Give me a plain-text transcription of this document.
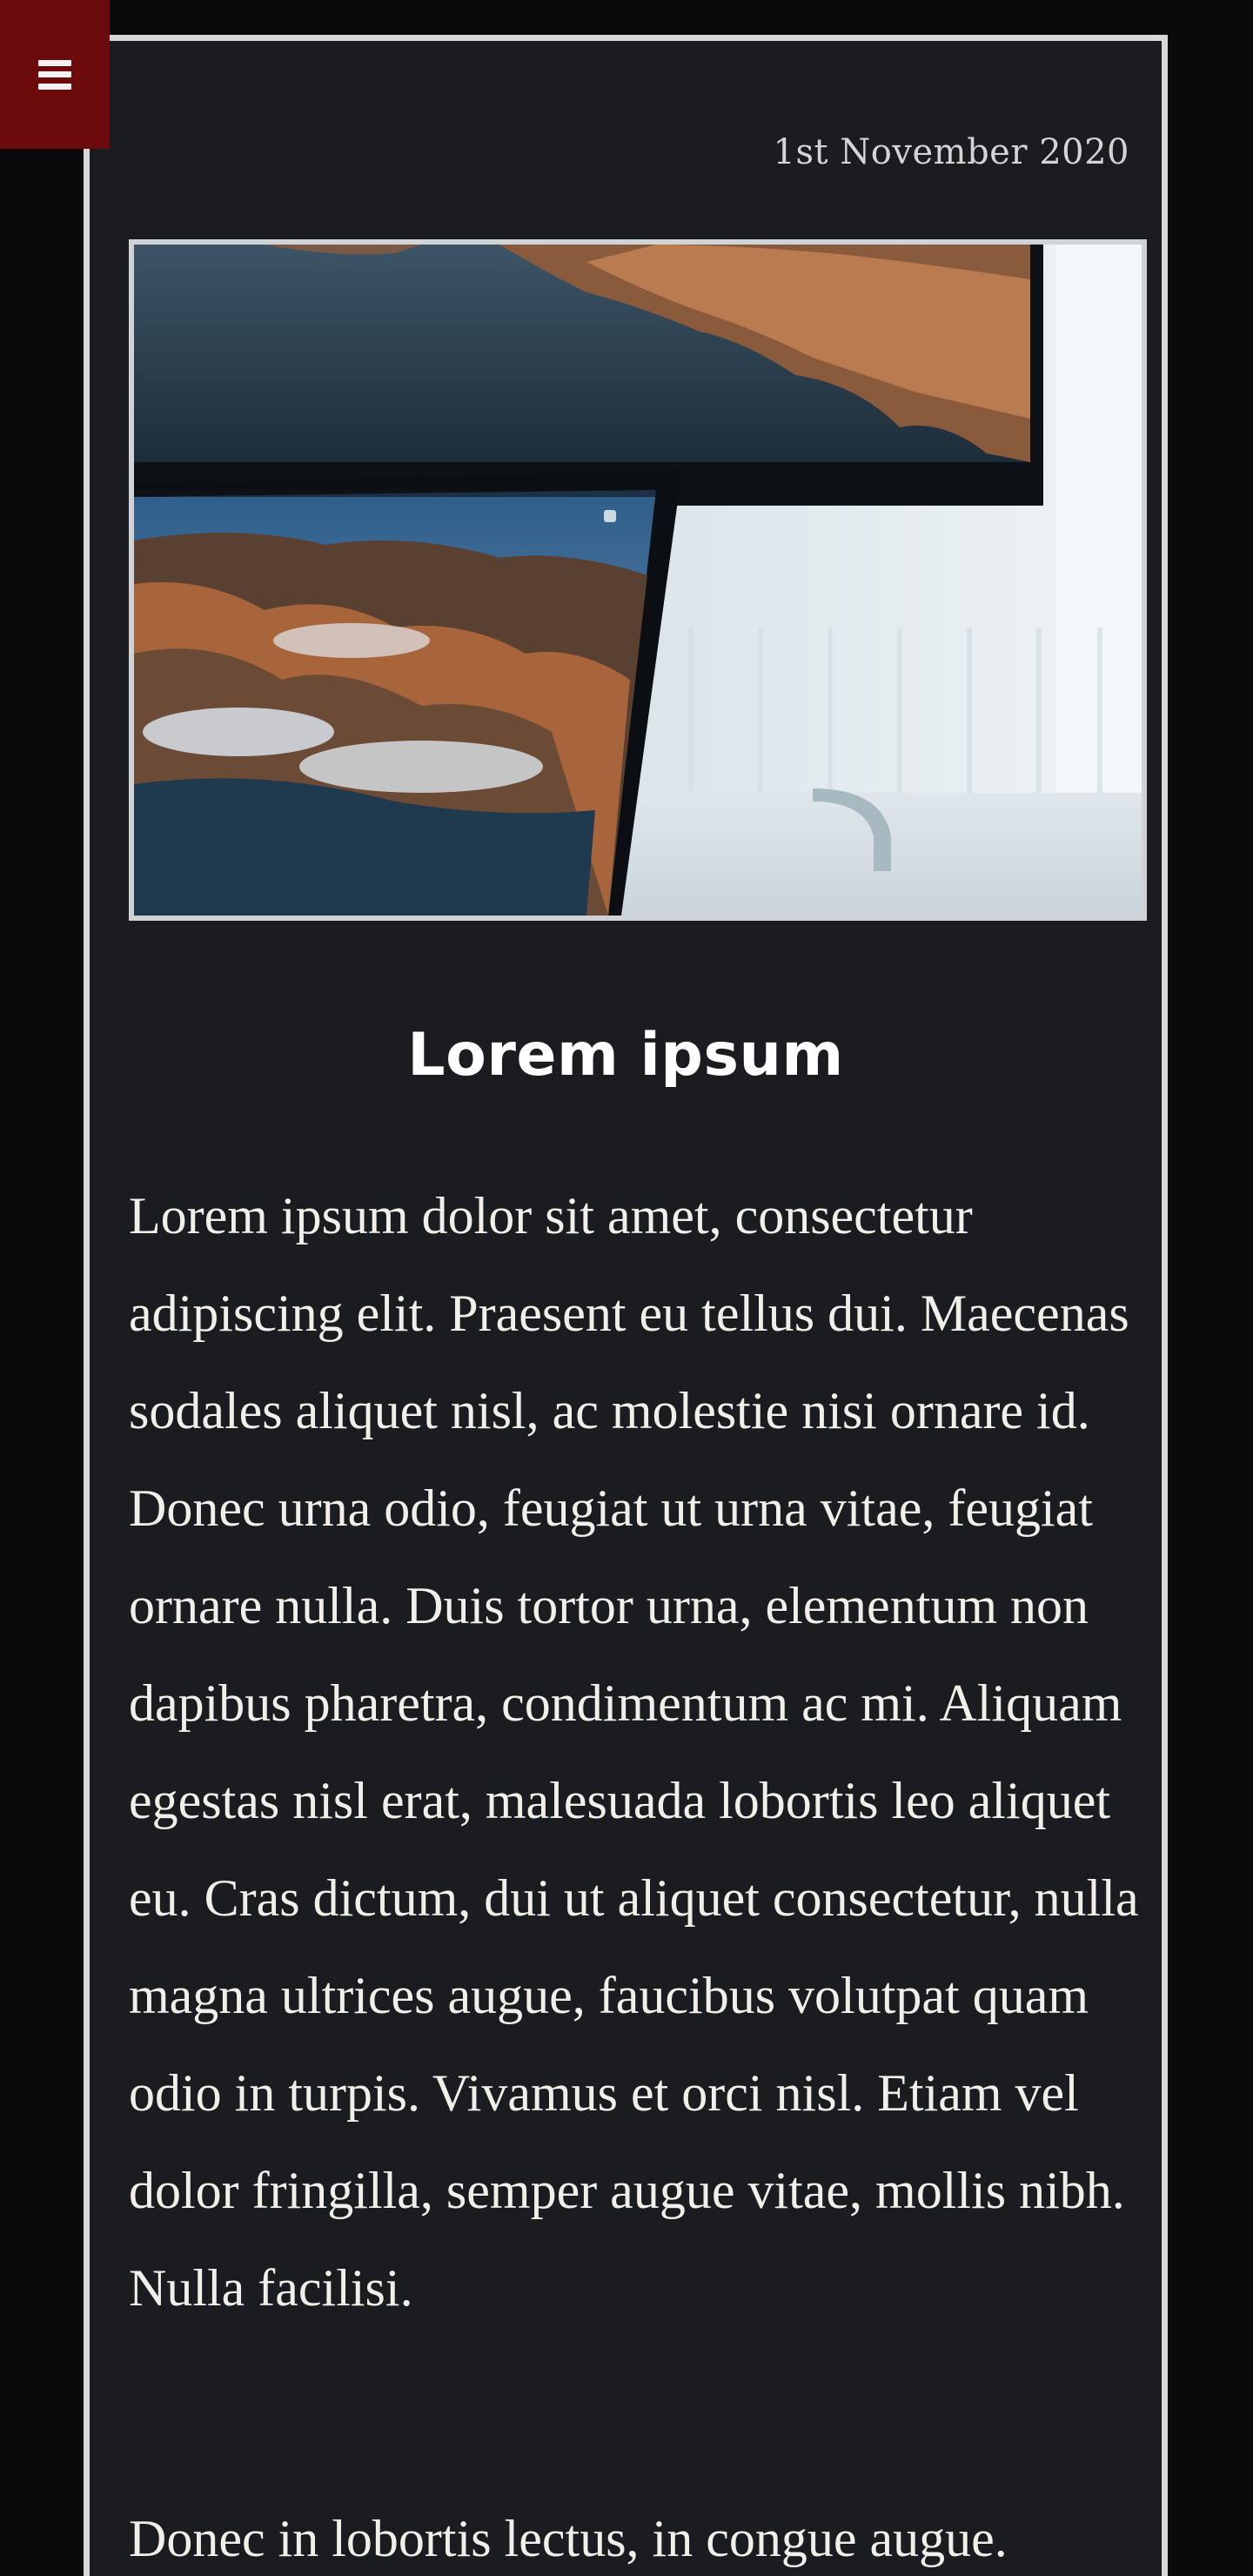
1st November 2020
Lorem ipsum

Lorem ipsum dolor sit amet, consectetur adipiscing elit. Praesent eu tellus dui. Maecenas sodales aliquet nisl, ac molestie nisi ornare id. Donec urna odio, feugiat ut urna vitae, feugiat ornare nulla. Duis tortor urna, elementum non dapibus pharetra, condimentum ac mi. Aliquam egestas nisl erat, malesuada lobortis leo aliquet eu. Cras dictum, dui ut aliquet consectetur, nulla magna ultrices augue, faucibus volutpat quam odio in turpis. Vivamus et orci nisl. Etiam vel dolor fringilla, semper augue vitae, mollis nibh. Nulla facilisi.

Donec in lobortis lectus, in congue augue.
